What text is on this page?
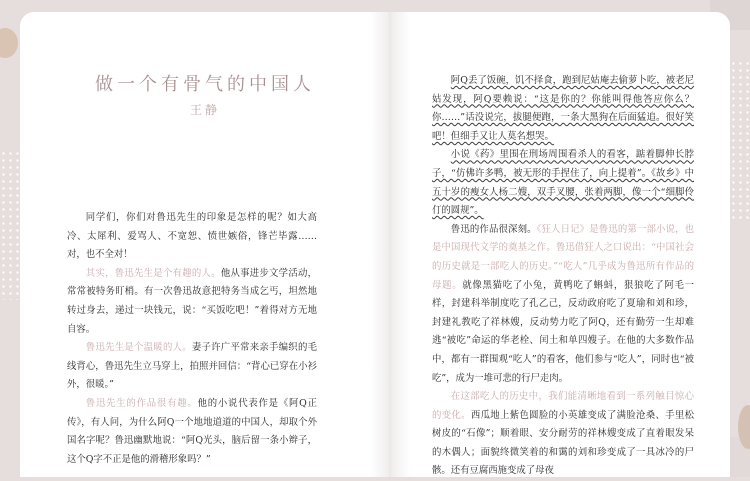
做一个有骨气的中国人
王静

同学们，你们对鲁迅先生的印象是怎样的呢？如大高冷、太犀利、爱骂人、不宽恕、愤世嫉俗，锋芒毕露……对，也不全对！

其实，鲁迅先生是个有趣的人。他从事进步文学活动，常常被特务盯梢。有一次鲁迅故意把特务当成乞丐，坦然地转过身去，递过一块钱元，说：“买饭吃吧！”着得对方无地自容。

鲁迅先生是个温暖的人。妻子许广平常来亲手编织的毛线背心，鲁迅先生立马穿上，拍照并回信：“背心已穿在小衫外，很暖。”

鲁迅先生的作品很有趣。他的小说代表作是《阿Q正传》，有人问，为什么阿Q一个地地道道的中国人，却取个外国名字呢？鲁迅幽默地说：“阿Q光头，脑后留一条小辫子，这个Q字不正是他的滑稽形象吗？”

阿Q丢了饭碗，饥不择食，跑到尼姑庵去偷萝卜吃，被老尼姑发现，阿Q要赖说：“这是你的？你能叫得他答应你么？你……”话没说完，拔腿便跑，一条大黑狗在后面猛追。很好笑吧！但细手又让人莫名想哭。

小说《药》里围在刑场周围看杀人的看客，踮着脚伸长脖子，“仿佛许多鸭，被无形的手捏住了，向上提着”。《故乡》中五十岁的瘦女人杨二嫂，双手叉腰，张着两脚，像一个“细脚伶仃的圆规”。

鲁迅的作品很深刻。《狂人日记》是鲁迅的第一部小说，也是中国现代文学的奠基之作。鲁迅借狂人之口说出：“中国社会的历史就是一部吃人的历史。”“吃人”几乎成为鲁迅所有作品的母题。就像黑猫吃了小兔，黄鸭吃了蝌蚪，狠狼吃了阿毛一样，封建科举制度吃了孔乙己，反动政府吃了夏瑜和刘和珍，封建礼教吃了祥林嫂，反动势力吃了阿Q，还有勤劳一生却难逃“被吃”命运的华老栓、闰土和单四嫂子。在他的大多数作品中，都有一群围观“吃人”的看客，他们参与“吃人”，同时也“被吃”，成为一堆可悲的行尸走肉。

在这部吃人的历史中，我们能清晰地看到一系列触目惊心的变化。西瓜地上紫色圆脸的小英雄变成了满脸沧桑、手里松树皮的“石像”；顺着眼、安分耐劳的祥林嫂变成了直着眼发呆的木偶人；面貌终微笑着的和霭的刘和珍变成了一具冰冷的尸骸。还有豆腐西施变成了母夜
